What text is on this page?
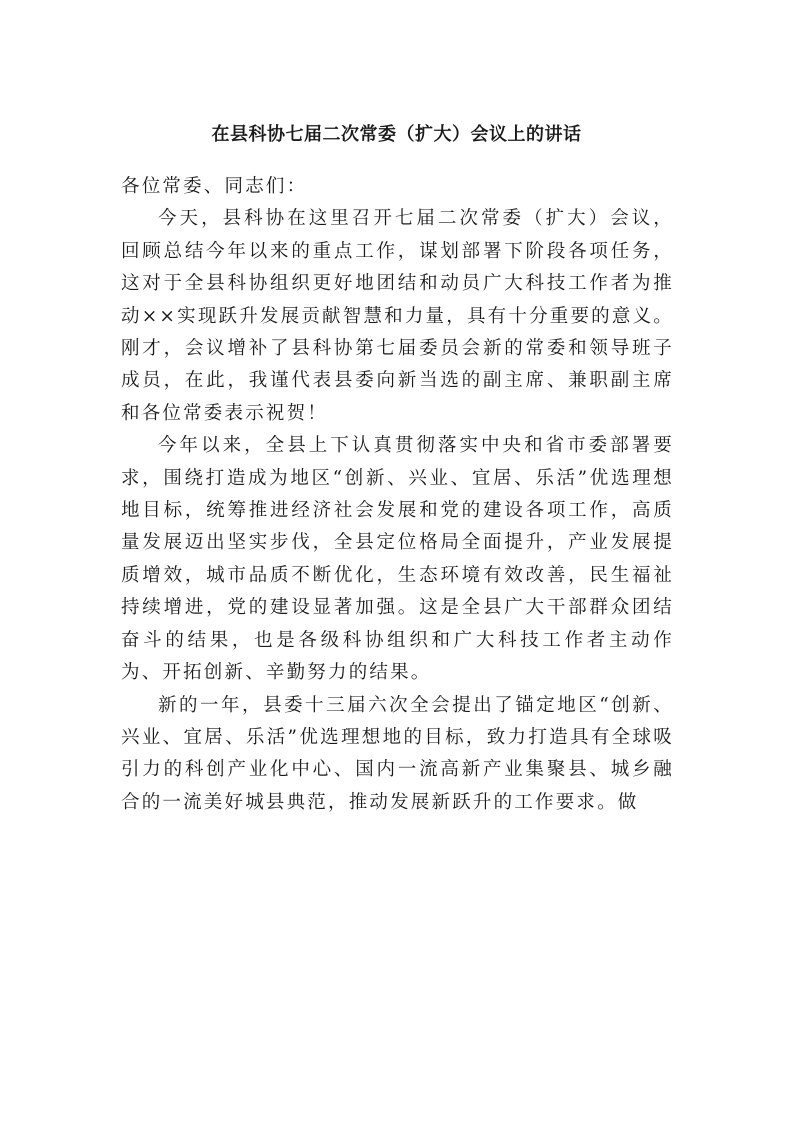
在县科协七届二次常委（扩大）会议上的讲话

各位常委、同志们：

今天，县科协在这里召开七届二次常委（扩大）会议，回顾总结今年以来的重点工作，谋划部署下阶段各项任务，这对于全县科协组织更好地团结和动员广大科技工作者为推动××实现跃升发展贡献智慧和力量，具有十分重要的意义。刚才，会议增补了县科协第七届委员会新的常委和领导班子成员，在此，我谨代表县委向新当选的副主席、兼职副主席和各位常委表示祝贺！

今年以来，全县上下认真贯彻落实中央和省市委部署要求，围绕打造成为地区“创新、兴业、宜居、乐活”优选理想地目标，统筹推进经济社会发展和党的建设各项工作，高质量发展迈出坚实步伐，全县定位格局全面提升，产业发展提质增效，城市品质不断优化，生态环境有效改善，民生福祉持续增进，党的建设显著加强。这是全县广大干部群众团结奋斗的结果，也是各级科协组织和广大科技工作者主动作为、开拓创新、辛勤努力的结果。

新的一年，县委十三届六次全会提出了锚定地区“创新、兴业、宜居、乐活”优选理想地的目标，致力打造具有全球吸引力的科创产业化中心、国内一流高新产业集聚县、城乡融合的一流美好城县典范，推动发展新跃升的工作要求。做
